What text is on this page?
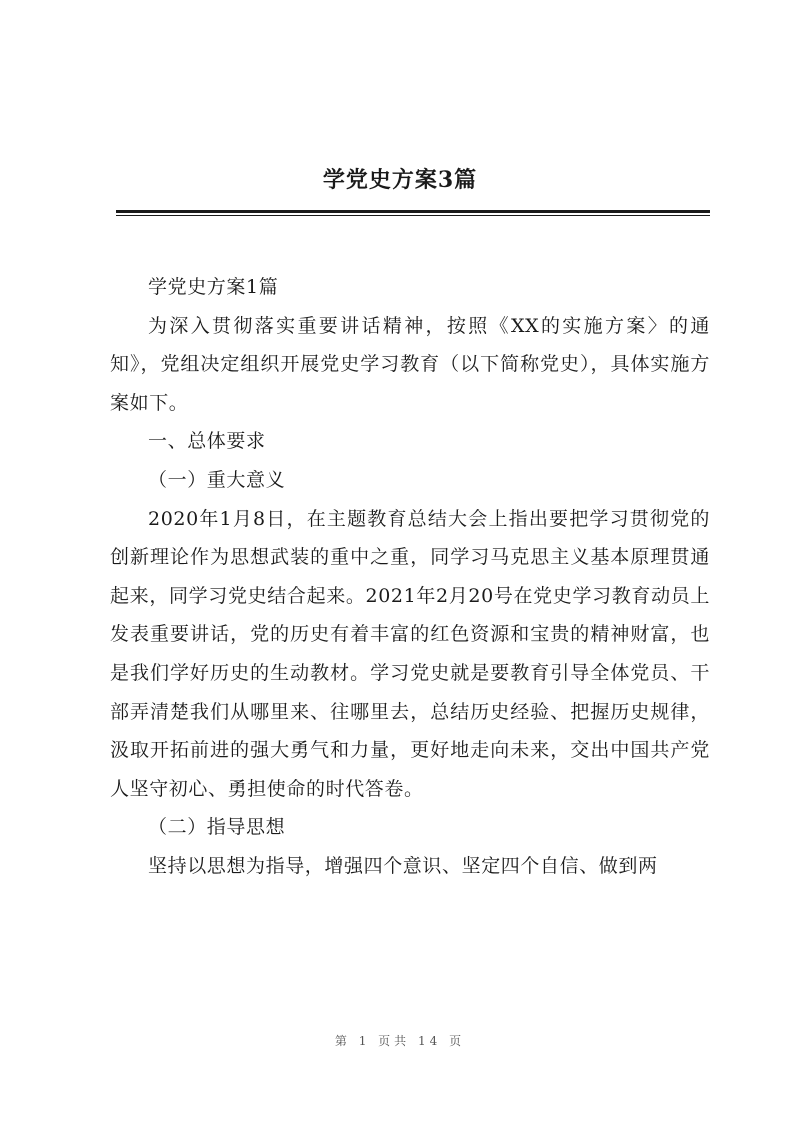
学党史方案3篇

学党史方案1篇

为深入贯彻落实重要讲话精神，按照《XX的实施方案〉的通知》，党组决定组织开展党史学习教育（以下简称党史），具体实施方案如下。

一、总体要求

（一）重大意义

2020年1月8日，在主题教育总结大会上指出要把学习贯彻党的创新理论作为思想武装的重中之重，同学习马克思主义基本原理贯通起来，同学习党史结合起来。2021年2月20号在党史学习教育动员上发表重要讲话，党的历史有着丰富的红色资源和宝贵的精神财富，也是我们学好历史的生动教材。学习党史就是要教育引导全体党员、干部弄清楚我们从哪里来、往哪里去，总结历史经验、把握历史规律，汲取开拓前进的强大勇气和力量，更好地走向未来，交出中国共产党人坚守初心、勇担使命的时代答卷。

（二）指导思想

坚持以思想为指导，增强四个意识、坚定四个自信、做到两

第 1 页共 14 页
